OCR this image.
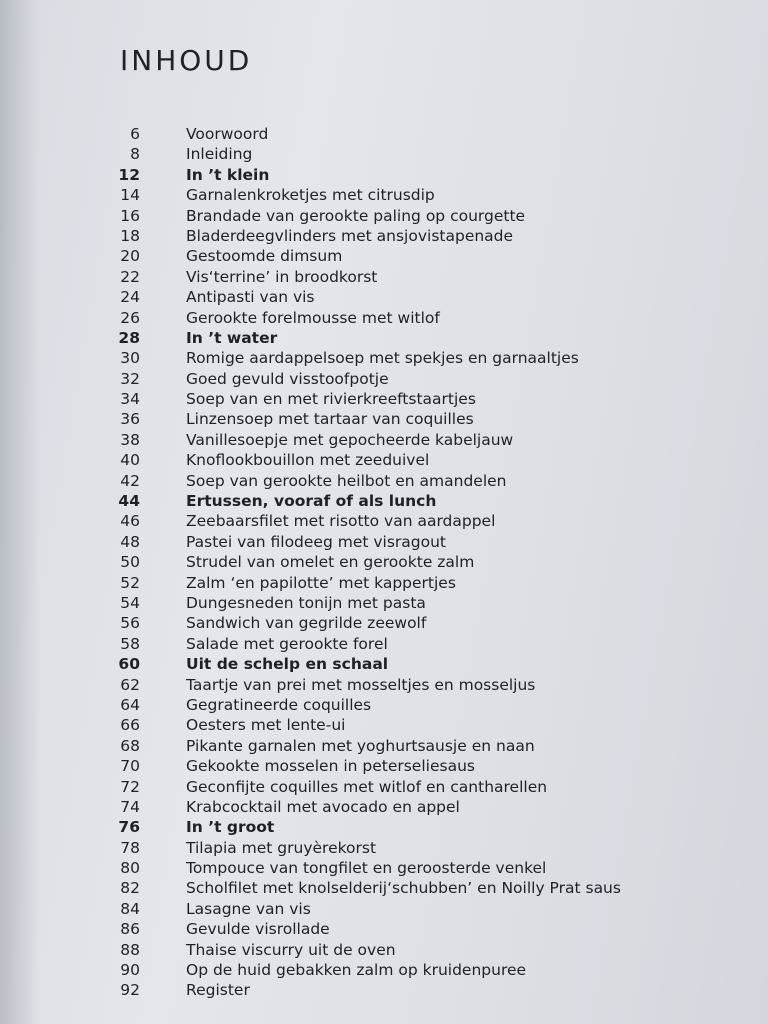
INHOUD
6	Voorwoord
8	Inleiding
12	In ’t klein
14	Garnalenkroketjes met citrusdip
16	Brandade van gerookte paling op courgette
18	Bladerdeegvlinders met ansjovistapenade
20	Gestoomde dimsum
22	Vis‘terrine’ in broodkorst
24	Antipasti van vis
26	Gerookte forelmousse met witlof
28	In ’t water
30	Romige aardappelsoep met spekjes en garnaaltjes
32	Goed gevuld visstoofpotje
34	Soep van en met rivierkreeftstaartjes
36	Linzensoep met tartaar van coquilles
38	Vanillesoepje met gepocheerde kabeljauw
40	Knoflookbouillon met zeeduivel
42	Soep van gerookte heilbot en amandelen
44	Ertussen, vooraf of als lunch
46	Zeebaarsfilet met risotto van aardappel
48	Pastei van filodeeg met visragout
50	Strudel van omelet en gerookte zalm
52	Zalm ‘en papilotte’ met kappertjes
54	Dungesneden tonijn met pasta
56	Sandwich van gegrilde zeewolf
58	Salade met gerookte forel
60	Uit de schelp en schaal
62	Taartje van prei met mosseltjes en mosseljus
64	Gegratineerde coquilles
66	Oesters met lente-ui
68	Pikante garnalen met yoghurtsausje en naan
70	Gekookte mosselen in peterseliesaus
72	Geconfijte coquilles met witlof en cantharellen
74	Krabcocktail met avocado en appel
76	In ’t groot
78	Tilapia met gruyèrekorst
80	Tompouce van tongfilet en geroosterde venkel
82	Scholfilet met knolselderij‘schubben’ en Noilly Prat saus
84	Lasagne van vis
86	Gevulde visrollade
88	Thaise viscurry uit de oven
90	Op de huid gebakken zalm op kruidenpuree
92	Register
